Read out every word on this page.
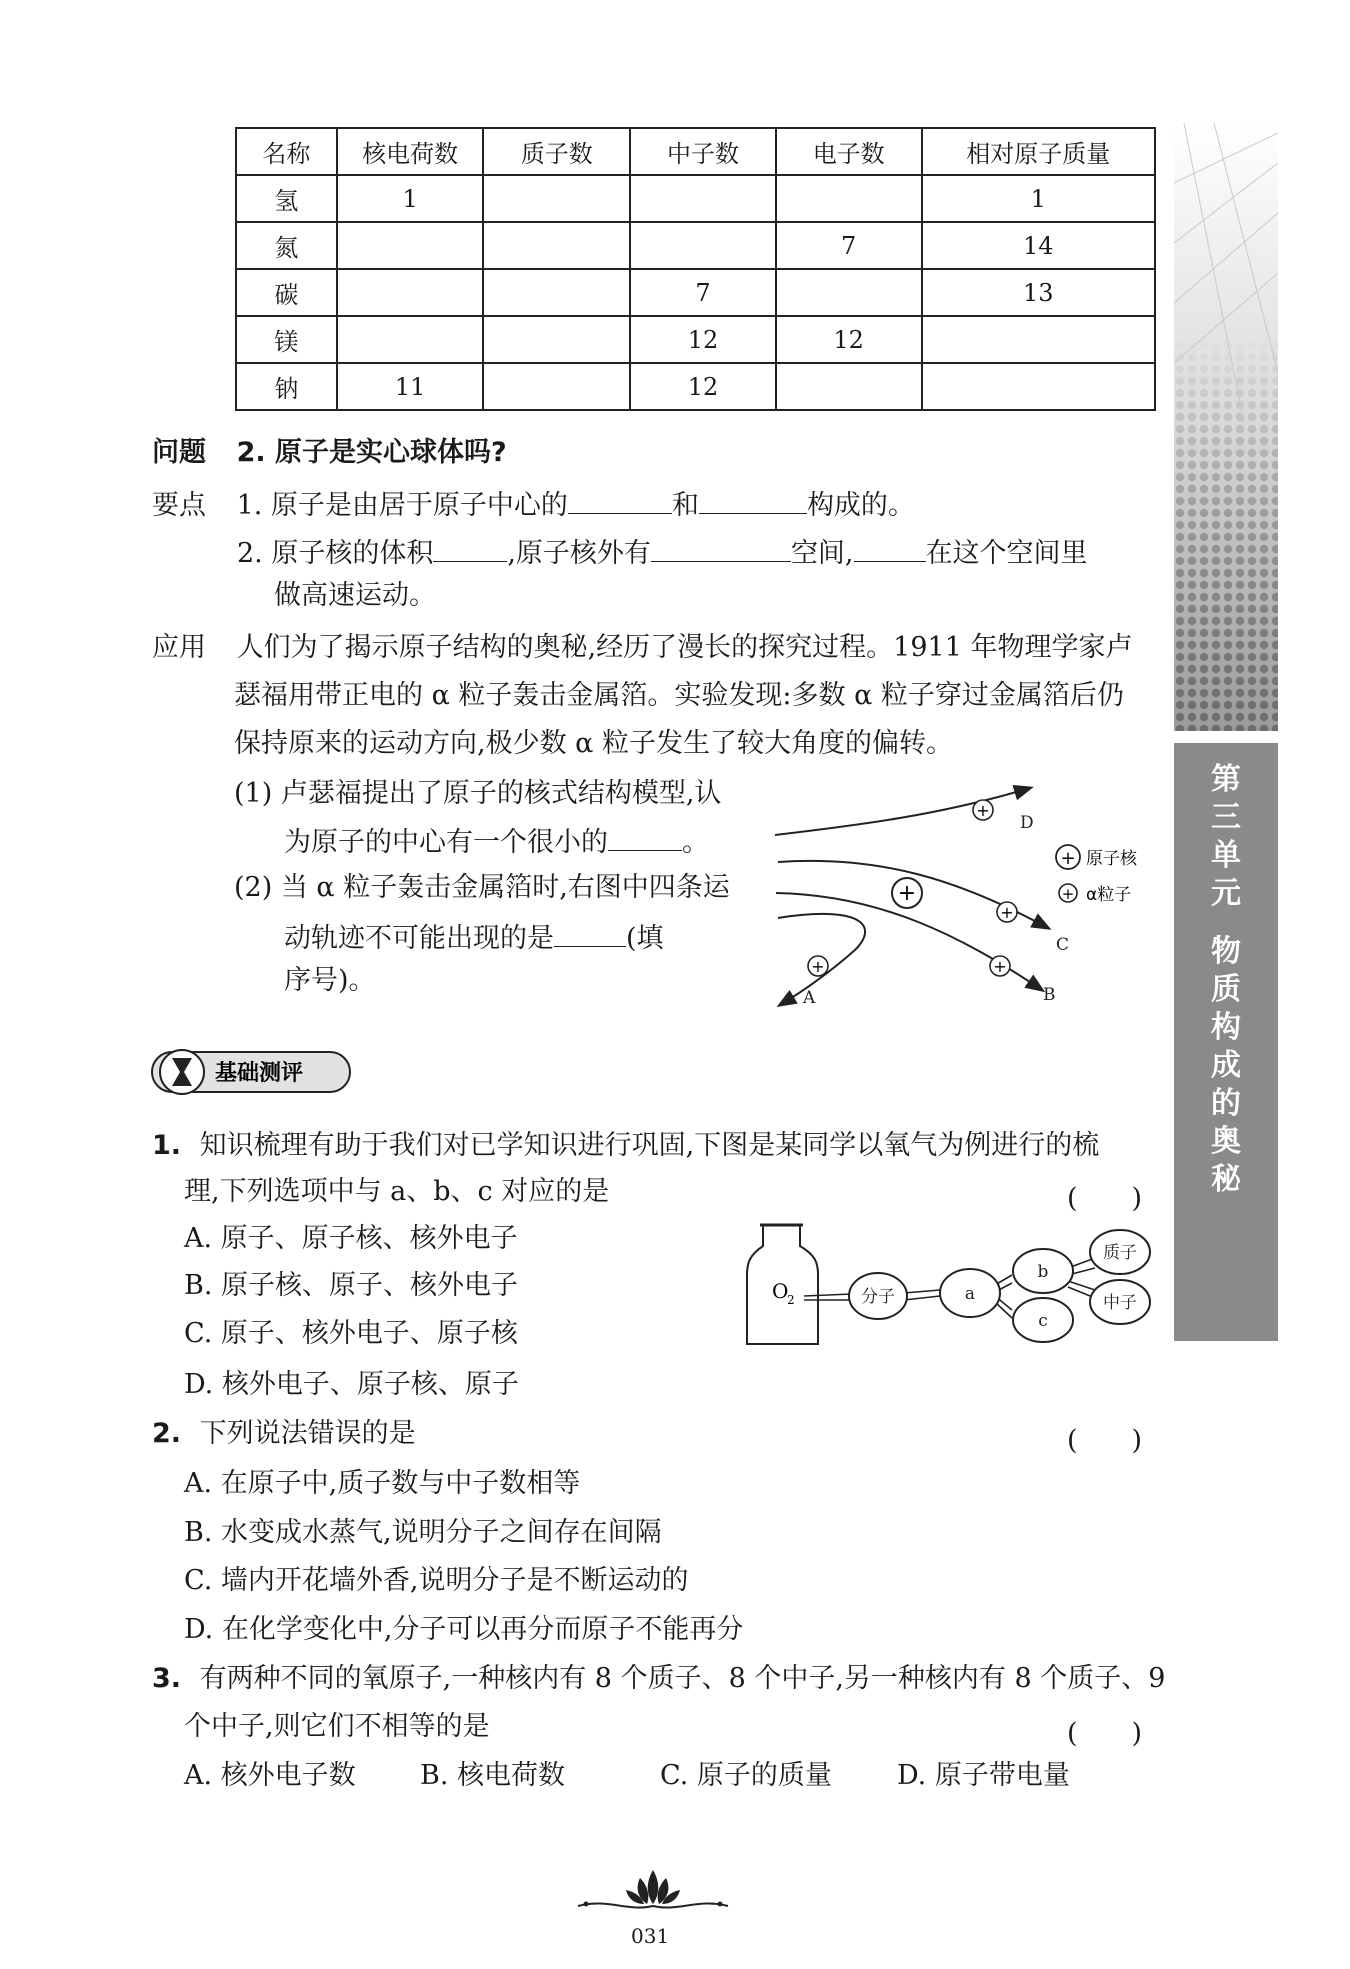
名称	核电荷数	质子数	中子数	电子数	相对原子质量
氢	1				1
氮				7	14
碳			7		13
镁			12	12	
钠	11		12		
问题 2. 原子是实心球体吗?
要点 1. 原子是由居于原子中心的	和	构成的。
2. 原子核的体积	,原子核外有	空间,	在这个空间里
做高速运动。
应用 人们为了揭示原子结构的奥秘,经历了漫长的探究过程。1911 年物理学家卢
瑟福用带正电的 α 粒子轰击金属箔。实验发现:多数 α 粒子穿过金属箔后仍
保持原来的运动方向,极少数 α 粒子发生了较大角度的偏转。
(1) 卢瑟福提出了原子的核式结构模型,认
为原子的中心有一个很小的	。
(2) 当 α 粒子轰击金属箔时,右图中四条运
动轨迹不可能出现的是	(填
序号)。
+
+
+
+
+
D
C
B
A
+ 原子核
+ α粒子
基础测评
1. 知识梳理有助于我们对已学知识进行巩固,下图是某同学以氧气为例进行的梳
理,下列选项中与 a、b、c 对应的是	(　　)
A. 原子、原子核、核外电子
B. 原子核、原子、核外电子
C. 原子、核外电子、原子核
D. 核外电子、原子核、原子
O
2	分子	a
b
c
质子
中子
2. 下列说法错误的是	(　　)
A. 在原子中,质子数与中子数相等
B. 水变成水蒸气,说明分子之间存在间隔
C. 墙内开花墙外香,说明分子是不断运动的
D. 在化学变化中,分子可以再分而原子不能再分
3. 有两种不同的氧原子,一种核内有 8 个质子、8 个中子,另一种核内有 8 个质子、9
个中子,则它们不相等的是	(　　)
A. 核外电子数 B. 核电荷数	C. 原子的质量 D. 原子带电量
031
第
三
单
元
物
质
构
成
的
奥
秘
